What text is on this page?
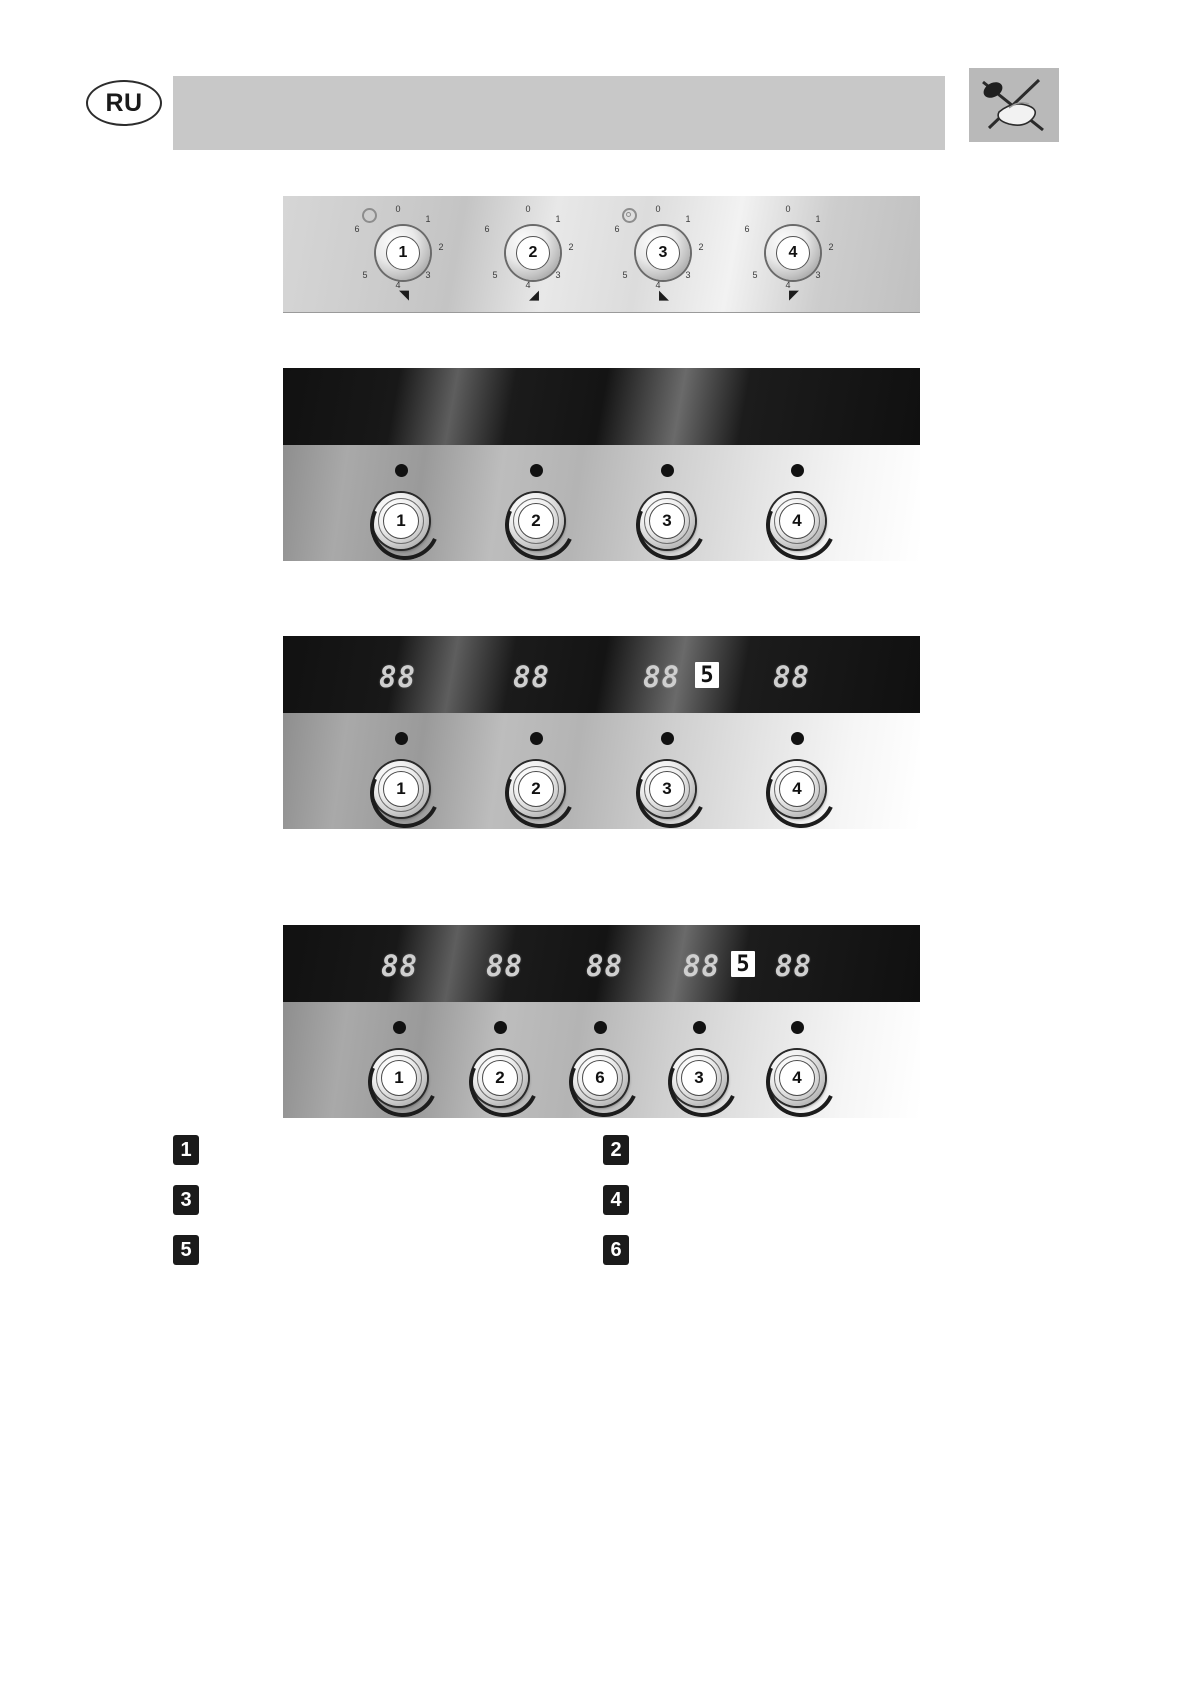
RU
0
1
2
3
4
5
6
1
◥
0
1
2
3
4
5
6
2
◢
0
1
2
3
4
5
6
3
◣
0
1
2
3
4
5
6
4
◤
1	2	3	4
88	88	88 5 88
1	2	3	4
88 88 88 88 5 88
1	2	6	3	4
1	2
3	4
5	6
